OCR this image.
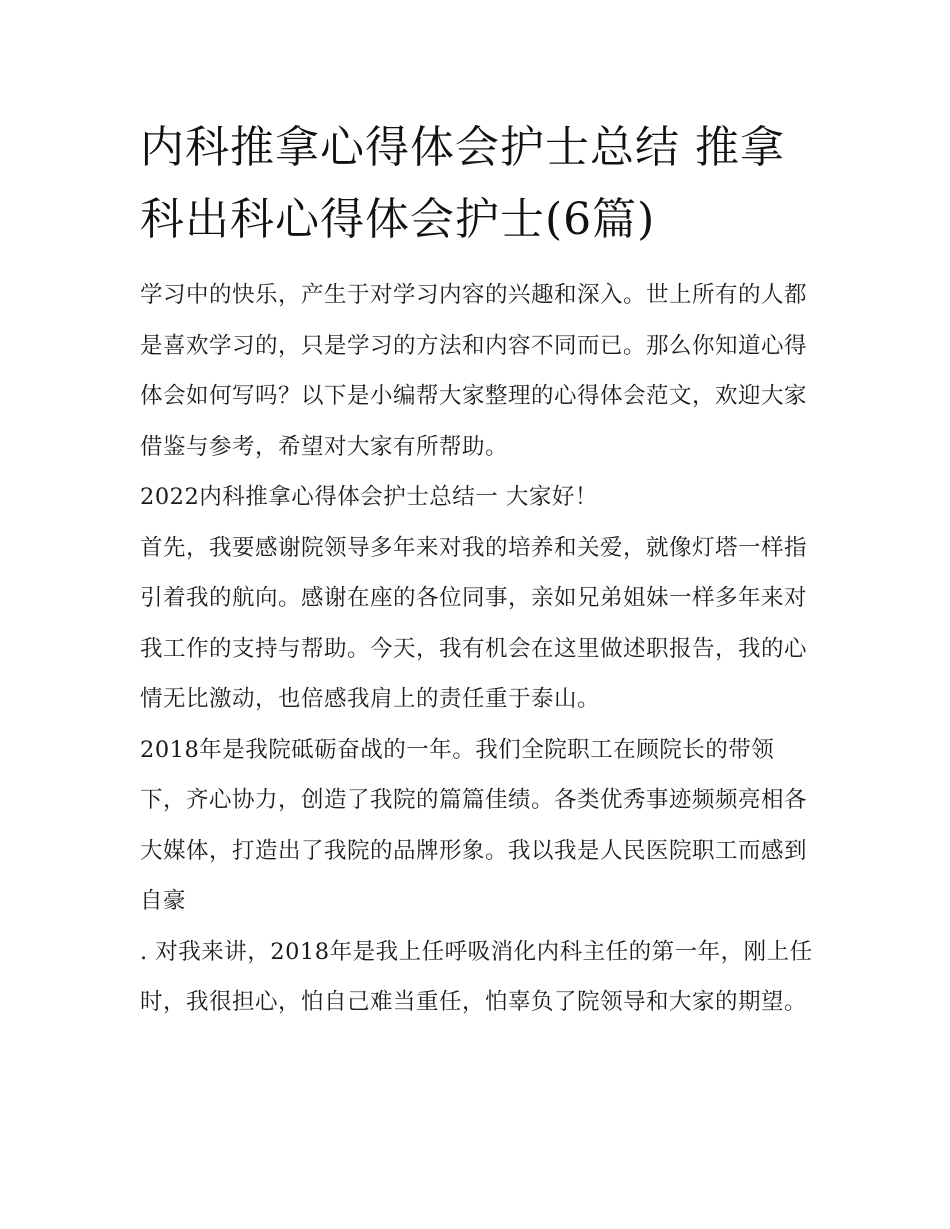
内科推拿心得体会护士总结 推拿科出科心得体会护士(6篇)

学习中的快乐，产生于对学习内容的兴趣和深入。世上所有的人都是喜欢学习的，只是学习的方法和内容不同而已。那么你知道心得体会如何写吗？以下是小编帮大家整理的心得体会范文，欢迎大家借鉴与参考，希望对大家有所帮助。

2022内科推拿心得体会护士总结一 大家好！

首先，我要感谢院领导多年来对我的培养和关爱，就像灯塔一样指引着我的航向。感谢在座的各位同事，亲如兄弟姐妹一样多年来对我工作的支持与帮助。今天，我有机会在这里做述职报告，我的心情无比激动，也倍感我肩上的责任重于泰山。

2018年是我院砥砺奋战的一年。我们全院职工在顾院长的带领下，齐心协力，创造了我院的篇篇佳绩。各类优秀事迹频频亮相各大媒体，打造出了我院的品牌形象。我以我是人民医院职工而感到自豪

. 对我来讲，2018年是我上任呼吸消化内科主任的第一年，刚上任时，我很担心，怕自己难当重任，怕辜负了院领导和大家的期望。
